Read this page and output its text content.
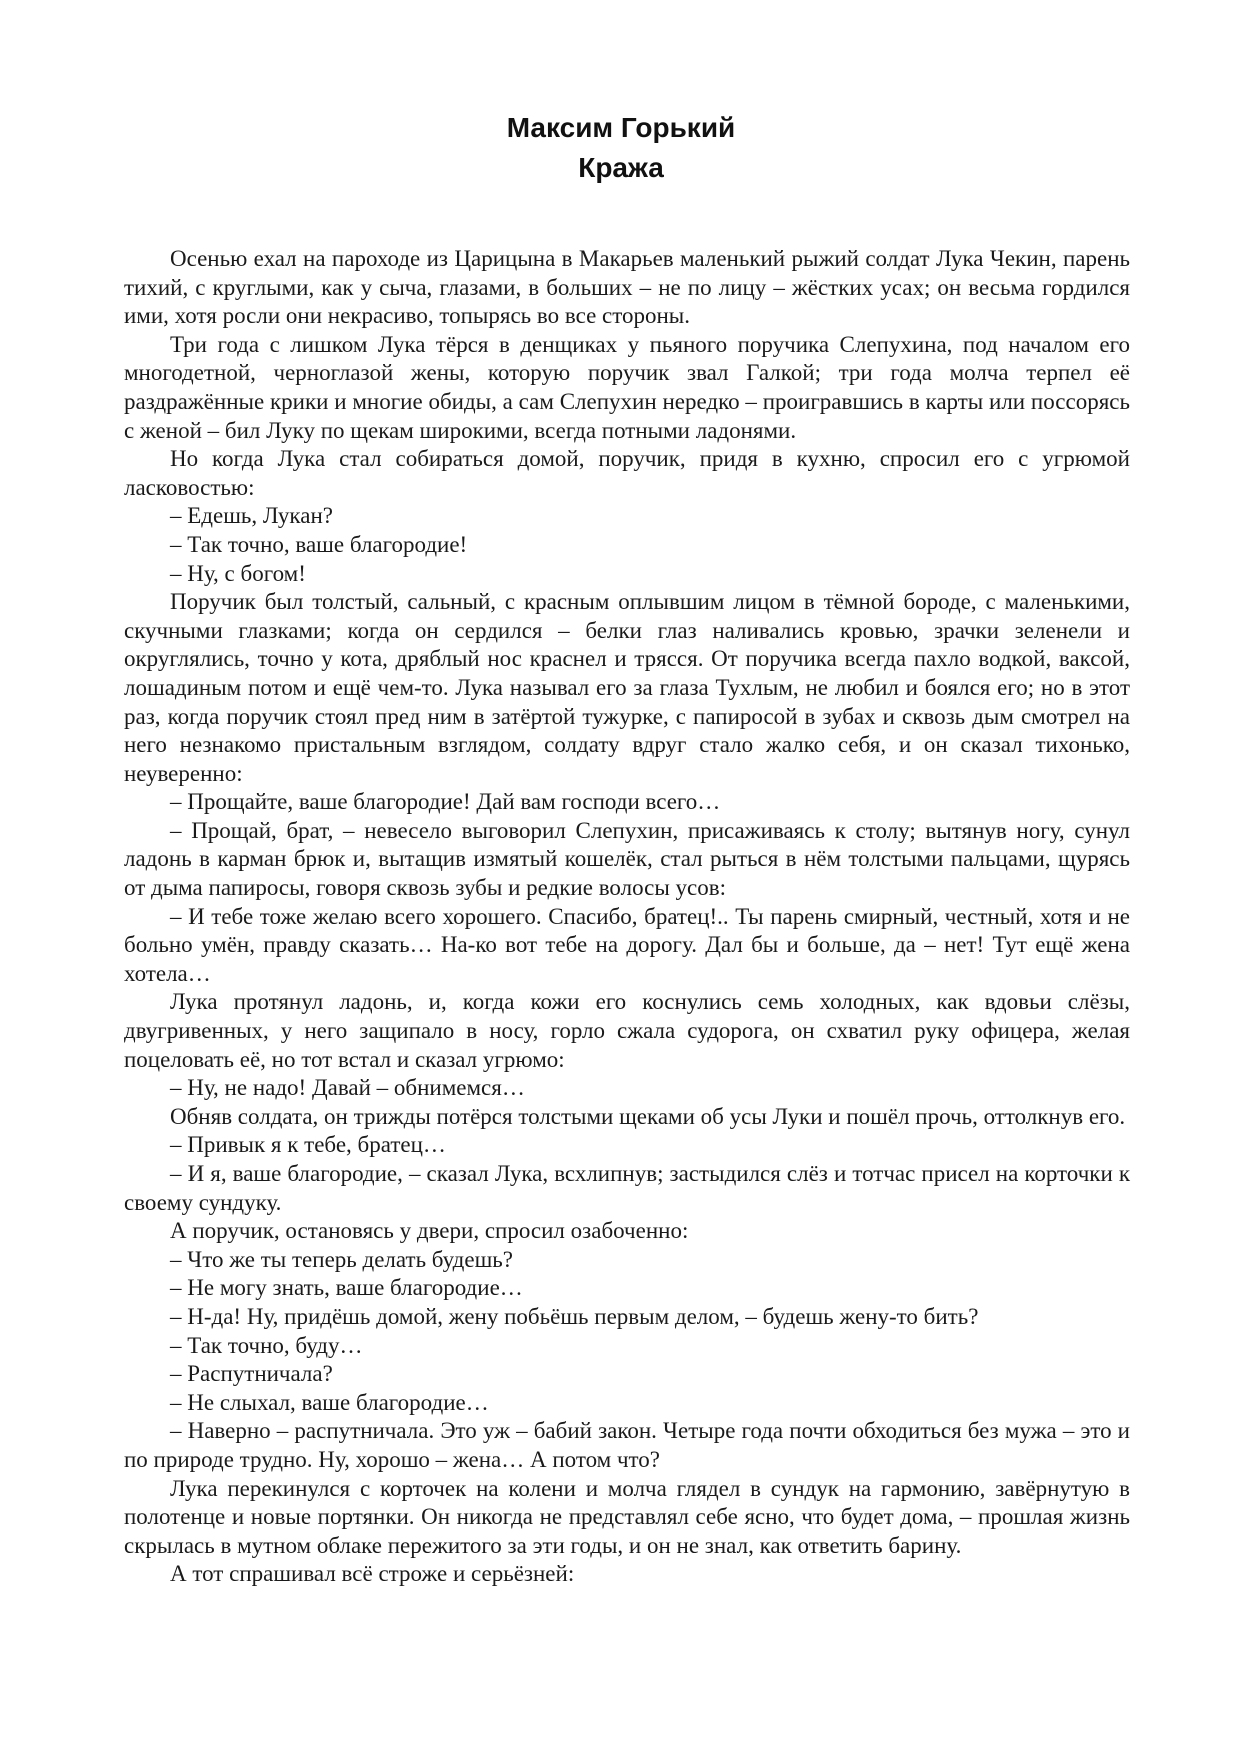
Максим Горький
Кража

Осенью ехал на пароходе из Царицына в Макарьев маленький рыжий солдат Лука Чекин, парень тихий, с круглыми, как у сыча, глазами, в больших – не по лицу – жёстких усах; он весьма гордился ими, хотя росли они некрасиво, топырясь во все стороны.

Три года с лишком Лука тёрся в денщиках у пьяного поручика Слепухина, под началом его многодетной, черноглазой жены, которую поручик звал Галкой; три года молча терпел её раздражённые крики и многие обиды, а сам Слепухин нередко – проигравшись в карты или поссорясь с женой – бил Луку по щекам широкими, всегда потными ладонями.

Но когда Лука стал собираться домой, поручик, придя в кухню, спросил его с угрюмой ласковостью:

– Едешь, Лукан?

– Так точно, ваше благородие!

– Ну, с богом!

Поручик был толстый, сальный, с красным оплывшим лицом в тёмной бороде, с маленькими, скучными глазками; когда он сердился – белки глаз наливались кровью, зрачки зеленели и округлялись, точно у кота, дряблый нос краснел и трясся. От поручика всегда пахло водкой, ваксой, лошадиным потом и ещё чем-то. Лука называл его за глаза Тухлым, не любил и боялся его; но в этот раз, когда поручик стоял пред ним в затёртой тужурке, с папиросой в зубах и сквозь дым смотрел на него незнакомо пристальным взглядом, солдату вдруг стало жалко себя, и он сказал тихонько, неуверенно:

– Прощайте, ваше благородие! Дай вам господи всего…

– Прощай, брат, – невесело выговорил Слепухин, присаживаясь к столу; вытянув ногу, сунул ладонь в карман брюк и, вытащив измятый кошелёк, стал рыться в нём толстыми пальцами, щурясь от дыма папиросы, говоря сквозь зубы и редкие волосы усов:

– И тебе тоже желаю всего хорошего. Спасибо, братец!.. Ты парень смирный, честный, хотя и не больно умён, правду сказать… На-ко вот тебе на дорогу. Дал бы и больше, да – нет! Тут ещё жена хотела…

Лука протянул ладонь, и, когда кожи его коснулись семь холодных, как вдовьи слёзы, двугривенных, у него защипало в носу, горло сжала судорога, он схватил руку офицера, желая поцеловать её, но тот встал и сказал угрюмо:

– Ну, не надо! Давай – обнимемся…

Обняв солдата, он трижды потёрся толстыми щеками об усы Луки и пошёл прочь, оттолкнув его.

– Привык я к тебе, братец…

– И я, ваше благородие, – сказал Лука, всхлипнув; застыдился слёз и тотчас присел на корточки к своему сундуку.

А поручик, остановясь у двери, спросил озабоченно:

– Что же ты теперь делать будешь?

– Не могу знать, ваше благородие…

– Н-да! Ну, придёшь домой, жену побьёшь первым делом, – будешь жену-то бить?

– Так точно, буду…

– Распутничала?

– Не слыхал, ваше благородие…

– Наверно – распутничала. Это уж – бабий закон. Четыре года почти обходиться без мужа – это и по природе трудно. Ну, хорошо – жена… А потом что?

Лука перекинулся с корточек на колени и молча глядел в сундук на гармонию, завёрнутую в полотенце и новые портянки. Он никогда не представлял себе ясно, что будет дома, – прошлая жизнь скрылась в мутном облаке пережитого за эти годы, и он не знал, как ответить барину.

А тот спрашивал всё строже и серьёзней:
